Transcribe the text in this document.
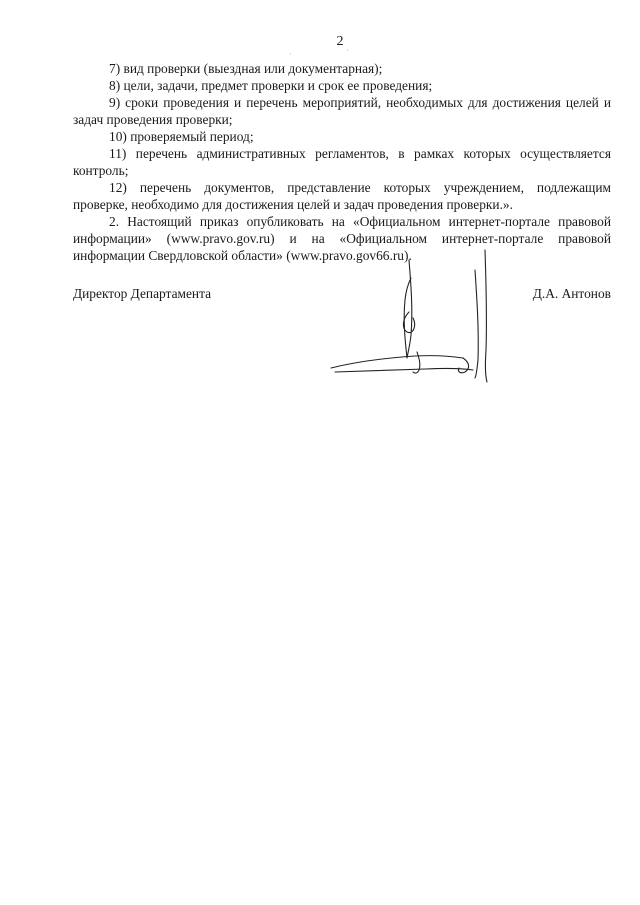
2

7) вид проверки (выездная или документарная);

8) цели, задачи, предмет проверки и срок ее проведения;

9) сроки проведения и перечень мероприятий, необходимых для достижения целей и задач проведения проверки;

10) проверяемый период;

11) перечень административных регламентов, в рамках которых осуществляется контроль;

12) перечень документов, представление которых учреждением, подлежащим проверке, необходимо для достижения целей и задач проведения проверки.».

2. Настоящий приказ опубликовать на «Официальном интернет-портале правовой информации» (www.pravo.gov.ru) и на «Официальном интернет-портале правовой информации Свердловской области» (www.pravo.gov66.ru).

Директор Департамента	Д.А. Антонов
·
·
